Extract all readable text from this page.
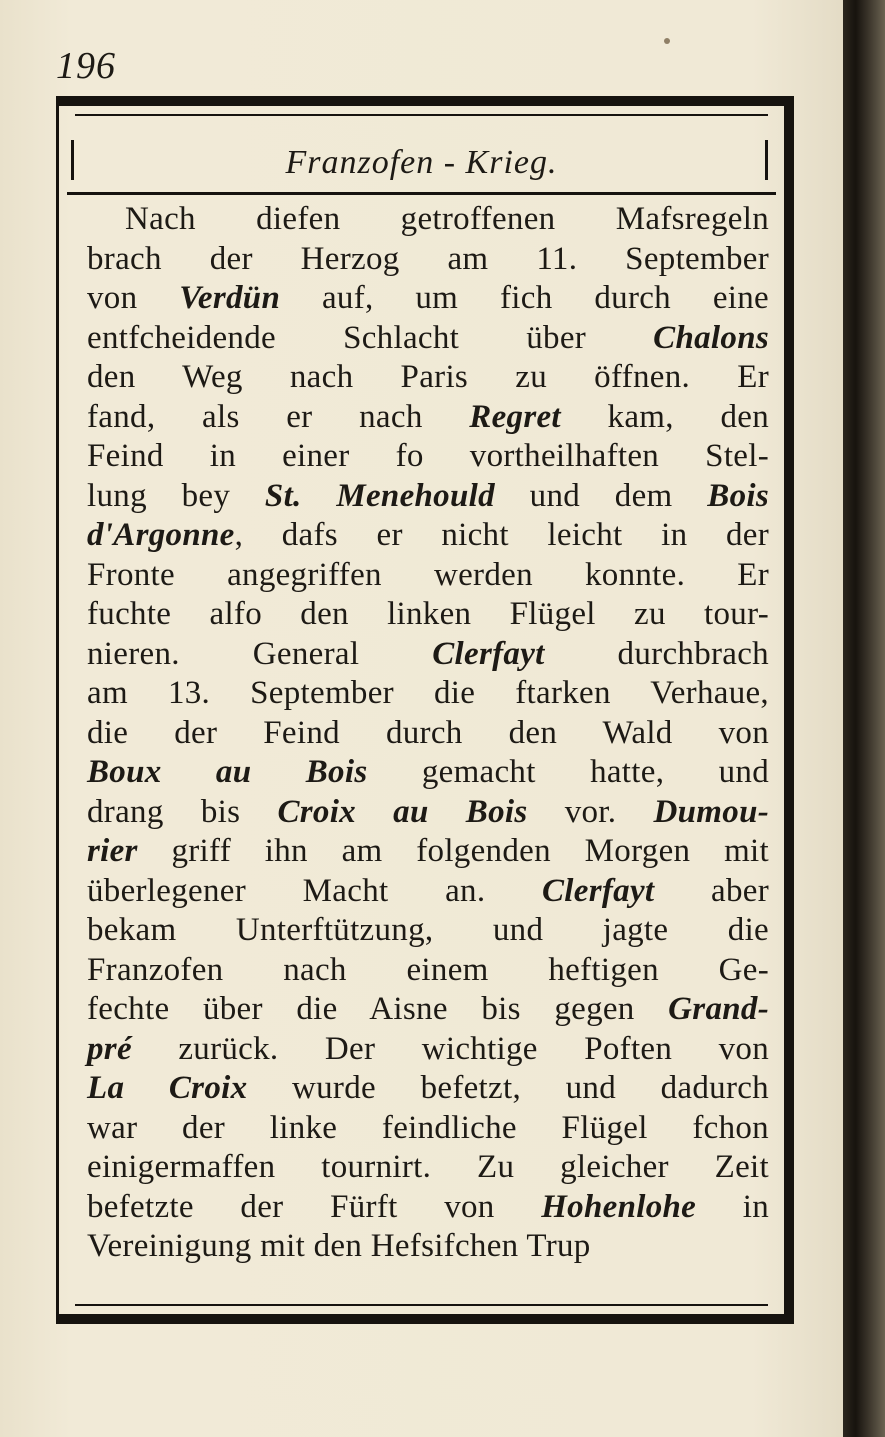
196
Franzofen - Krieg.
Nach diefen getroffenen Mafsregeln
brach der Herzog am 11. September
von Verdün auf, um fich durch eine
entfcheidende Schlacht über Chalons
den Weg nach Paris zu öffnen. Er
fand, als er nach Regret kam, den
Feind in einer fo vortheilhaften Stel-
lung bey St. Menehould und dem Bois
d'Argonne, dafs er nicht leicht in der
Fronte angegriffen werden konnte. Er
fuchte alfo den linken Flügel zu tour-
nieren. General Clerfayt durchbrach
am 13. September die ftarken Verhaue,
die der Feind durch den Wald von
Boux au Bois gemacht hatte, und
drang bis Croix au Bois vor. Dumou-
rier griff ihn am folgenden Morgen mit
überlegener Macht an. Clerfayt aber
bekam Unterftützung, und jagte die
Franzofen nach einem heftigen Ge-
fechte über die Aisne bis gegen Grand-
pré zurück. Der wichtige Poften von
La Croix wurde befetzt, und dadurch
war der linke feindliche Flügel fchon
einigermaffen tournirt. Zu gleicher Zeit
befetzte der Fürft von Hohenlohe in
Vereinigung mit den Hefsifchen Trup
